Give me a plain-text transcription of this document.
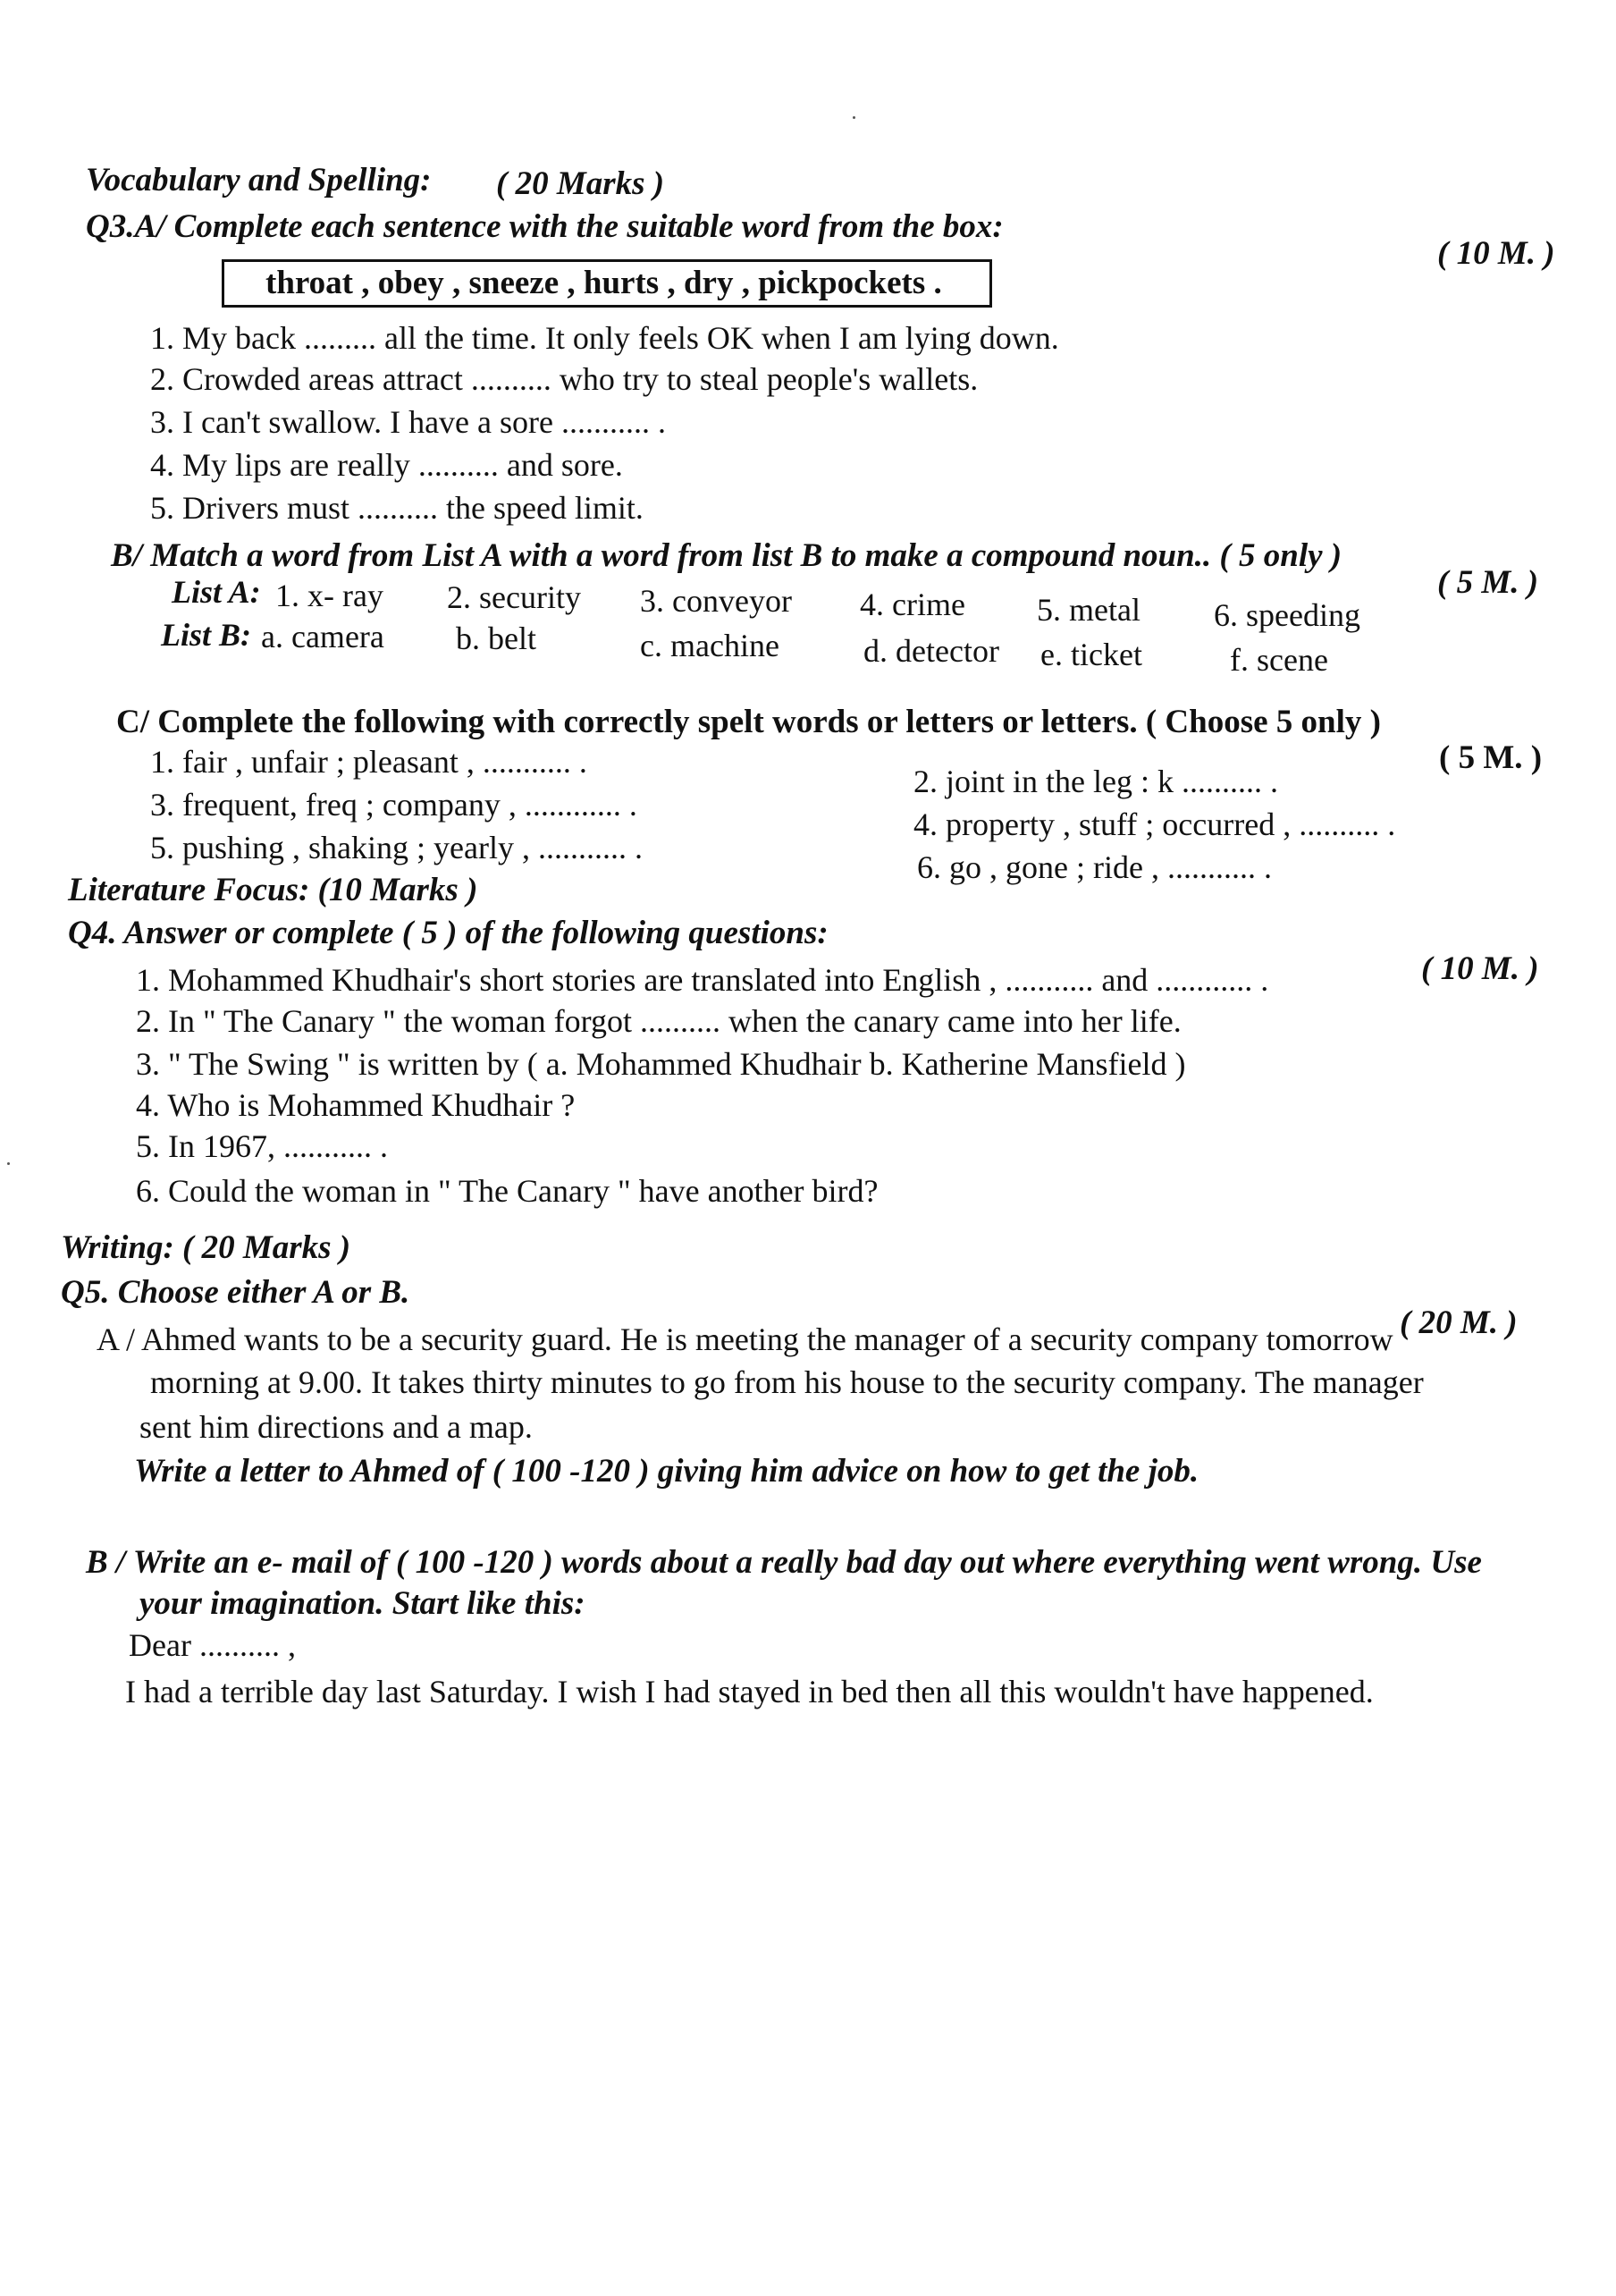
Vocabulary and Spelling: ( 20 Marks )
Q3.A/ Complete each sentence with the suitable word from the box:
( 10 M. )
throat , obey , sneeze , hurts , dry , pickpockets .
1. My back ......... all the time. It only feels OK when I am lying down.
2. Crowded areas attract .......... who try to steal people's wallets.
3. I can't swallow. I have a sore ........... .
4. My lips are really .......... and sore.
5. Drivers must .......... the speed limit.
B/ Match a word from List A with a word from list B to make a compound noun.. ( 5 only )
( 5 M. )
List A: 1. x- ray 2. security 3. conveyor 4. crime 5. metal 6. speeding
List B: a. camera b. belt	c. machine	d. detector e. ticket	f. scene
C/ Complete the following with correctly spelt words or letters or letters. ( Choose 5 only )
( 5 M. )
1. fair , unfair ; pleasant , ........... .
2. joint in the leg : k .......... .
3. frequent, freq ; company , ............ .
4. property , stuff ; occurred , .......... .
5. pushing , shaking ; yearly , ........... .
6. go , gone ; ride , ........... .
Literature Focus: (10 Marks )
Q4. Answer or complete ( 5 ) of the following questions:
( 10 M. )
1. Mohammed Khudhair's short stories are translated into English , ........... and ............ .
2. In " The Canary " the woman forgot .......... when the canary came into her life.
3. " The Swing " is written by ( a. Mohammed Khudhair b. Katherine Mansfield )
4. Who is Mohammed Khudhair ?
5. In 1967, ........... .
6. Could the woman in " The Canary " have another bird?
Writing: ( 20 Marks )
Q5. Choose either A or B.
( 20 M. )
A / Ahmed wants to be a security guard. He is meeting the manager of a security company tomorrow
morning at 9.00. It takes thirty minutes to go from his house to the security company. The manager
sent him directions and a map.
Write a letter to Ahmed of ( 100 -120 ) giving him advice on how to get the job.
B / Write an e- mail of ( 100 -120 ) words about a really bad day out where everything went wrong. Use
your imagination. Start like this:
Dear .......... ,
I had a terrible day last Saturday. I wish I had stayed in bed then all this wouldn't have happened.
